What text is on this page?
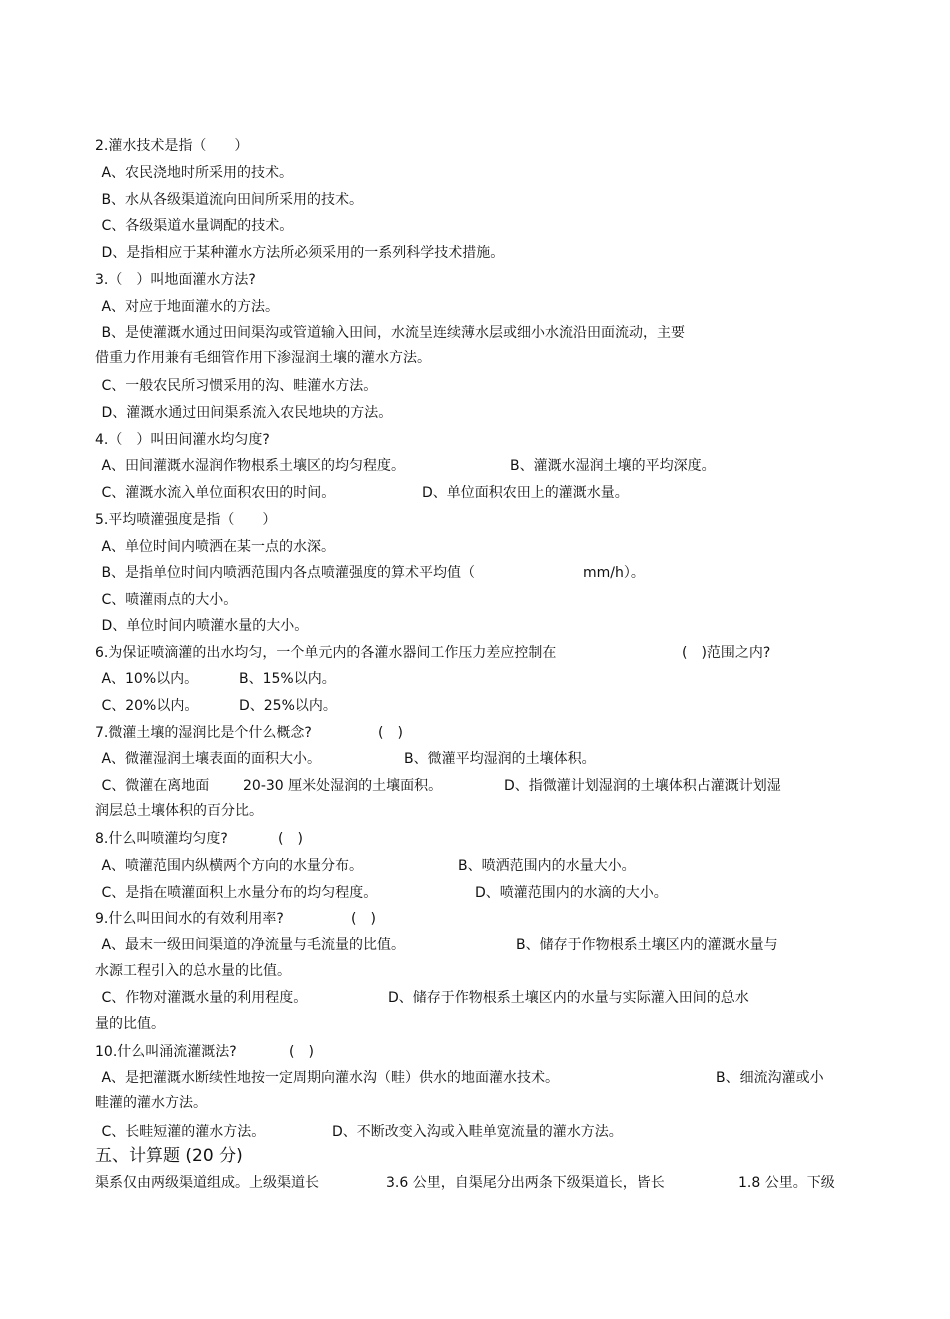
2.灌水技术是指（　　）
A、农民浇地时所采用的技术。
B、水从各级渠道流向田间所采用的技术。
C、各级渠道水量调配的技术。
D、是指相应于某种灌水方法所必须采用的一系列科学技术措施。
3.（　）叫地面灌水方法?
A、对应于地面灌水的方法。
B、是使灌溉水通过田间渠沟或管道输入田间，水流呈连续薄水层或细小水流沿田面流动，主要
借重力作用兼有毛细管作用下渗湿润土壤的灌水方法。
C、一般农民所习惯采用的沟、畦灌水方法。
D、灌溉水通过田间渠系流入农民地块的方法。
4.（　）叫田间灌水均匀度?
A、田间灌溉水湿润作物根系土壤区的均匀程度。	B、灌溉水湿润土壤的平均深度。
C、灌溉水流入单位面积农田的时间。	D、单位面积农田上的灌溉水量。
5.平均喷灌强度是指（　　）
A、单位时间内喷洒在某一点的水深。
B、是指单位时间内喷洒范围内各点喷灌强度的算术平均值（	mm/h）。
C、喷灌雨点的大小。
D、单位时间内喷灌水量的大小。
6.为保证喷滴灌的出水均匀，一个单元内的各灌水器间工作压力差应控制在	(　)范围之内?
A、10%以内。	B、15%以内。
C、20%以内。	D、25%以内。
7.微灌土壤的湿润比是个什么概念?	(　)
A、微灌湿润土壤表面的面积大小。	B、微灌平均湿润的土壤体积。
C、微灌在离地面 20-30 厘米处湿润的土壤面积。	D、指微灌计划湿润的土壤体积占灌溉计划湿
润层总土壤体积的百分比。
8.什么叫喷灌均匀度?	(　)
A、喷灌范围内纵横两个方向的水量分布。	B、喷洒范围内的水量大小。
C、是指在喷灌面积上水量分布的均匀程度。	D、喷灌范围内的水滴的大小。
9.什么叫田间水的有效利用率?	(　)
A、最末一级田间渠道的净流量与毛流量的比值。	B、储存于作物根系土壤区内的灌溉水量与
水源工程引入的总水量的比值。
C、作物对灌溉水量的利用程度。	D、储存于作物根系土壤区内的水量与实际灌入田间的总水
量的比值。
10.什么叫涌流灌溉法?	(　)
A、是把灌溉水断续性地按一定周期向灌水沟（畦）供水的地面灌水技术。	B、细流沟灌或小
畦灌的灌水方法。
C、长畦短灌的灌水方法。	D、不断改变入沟或入畦单宽流量的灌水方法。
五、计算题 (20 分)
渠系仅由两级渠道组成。上级渠道长	3.6 公里，自渠尾分出两条下级渠道长，皆长	1.8 公里。下级
